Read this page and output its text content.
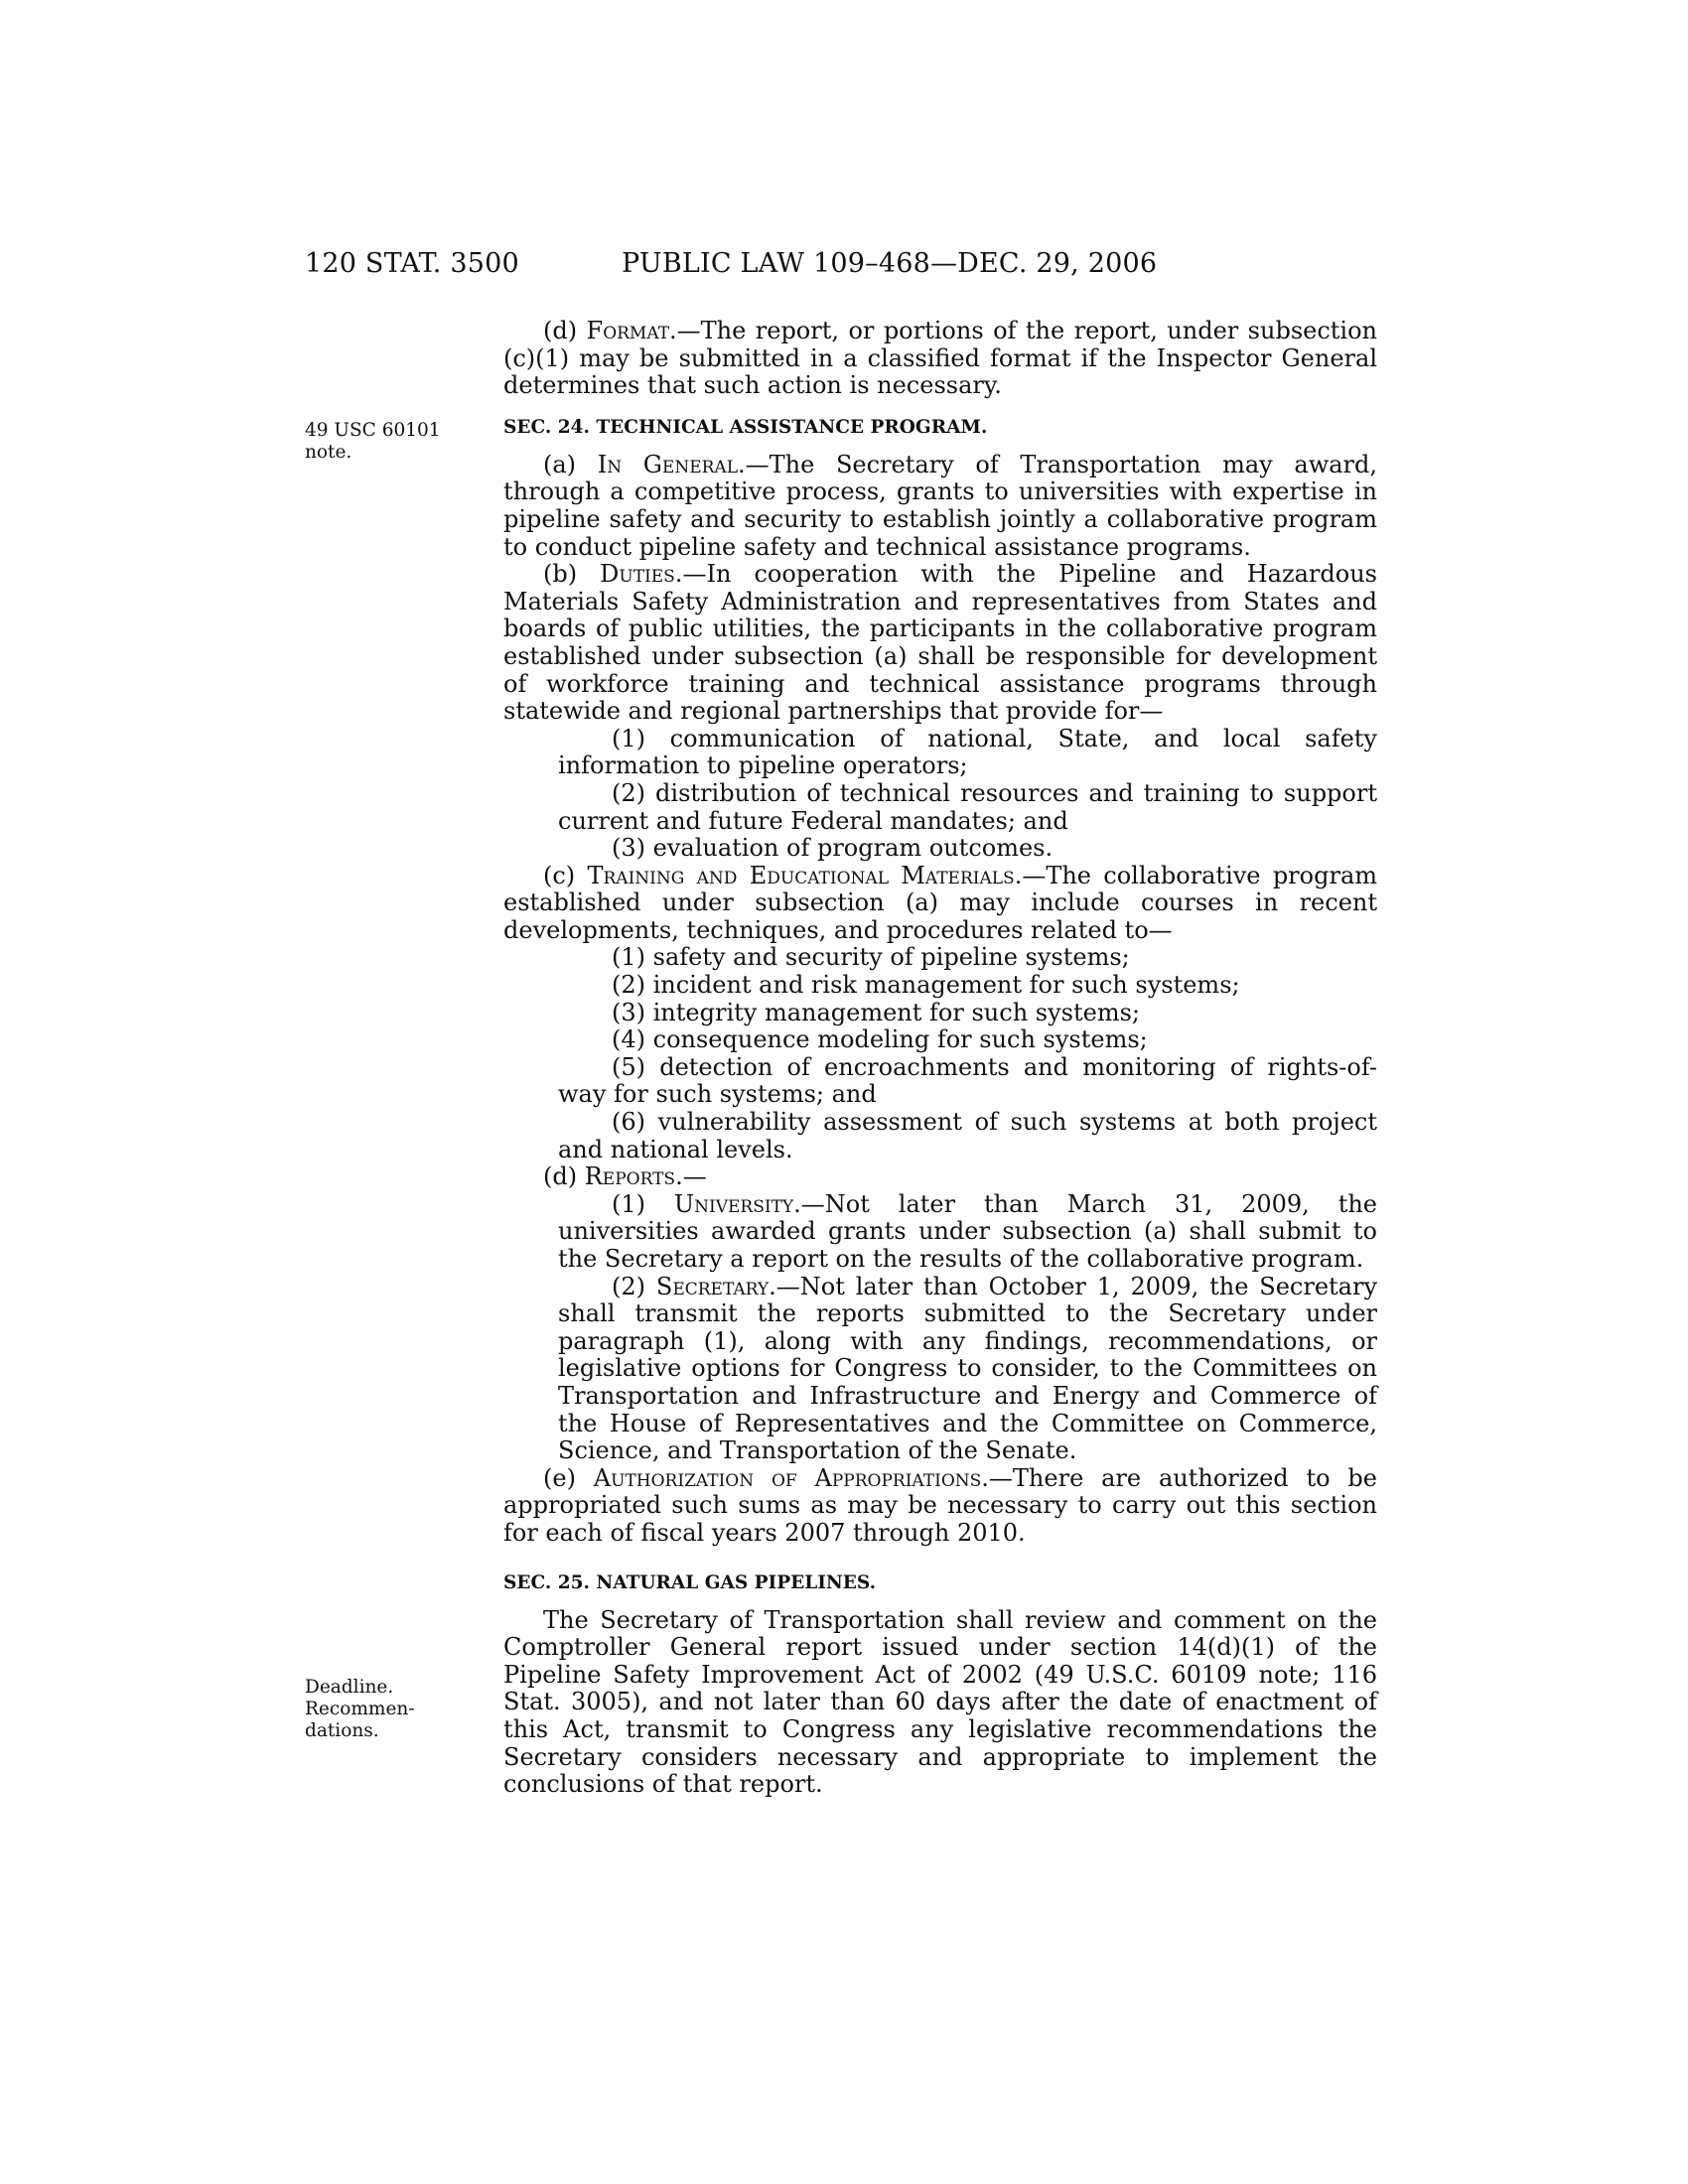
120 STAT. 3500	PUBLIC LAW 109–468—DEC. 29, 2006
49 USC 60101
note.
Deadline.
Recommen-
dations.

(d) Format.—The report, or portions of the report, under subsection (c)(1) may be submitted in a classified format if the Inspector General determines that such action is necessary.

SEC. 24. TECHNICAL ASSISTANCE PROGRAM.

(a) In General.—The Secretary of Transportation may award, through a competitive process, grants to universities with expertise in pipeline safety and security to establish jointly a collaborative program to conduct pipeline safety and technical assistance programs.

(b) Duties.—In cooperation with the Pipeline and Hazardous Materials Safety Administration and representatives from States and boards of public utilities, the participants in the collaborative program established under subsection (a) shall be responsible for development of workforce training and technical assistance programs through statewide and regional partnerships that provide for—

(1) communication of national, State, and local safety information to pipeline operators;

(2) distribution of technical resources and training to support current and future Federal mandates; and

(3) evaluation of program outcomes.

(c) Training and Educational Materials.—The collaborative program established under subsection (a) may include courses in recent developments, techniques, and procedures related to—

(1) safety and security of pipeline systems;

(2) incident and risk management for such systems;

(3) integrity management for such systems;

(4) consequence modeling for such systems;

(5) detection of encroachments and monitoring of rights-of-way for such systems; and

(6) vulnerability assessment of such systems at both project and national levels.

(d) Reports.—

(1) University.—Not later than March 31, 2009, the universities awarded grants under subsection (a) shall submit to the Secretary a report on the results of the collaborative program.

(2) Secretary.—Not later than October 1, 2009, the Secretary shall transmit the reports submitted to the Secretary under paragraph (1), along with any findings, recommendations, or legislative options for Congress to consider, to the Committees on Transportation and Infrastructure and Energy and Commerce of the House of Representatives and the Committee on Commerce, Science, and Transportation of the Senate.

(e) Authorization of Appropriations.—There are authorized to be appropriated such sums as may be necessary to carry out this section for each of fiscal years 2007 through 2010.

SEC. 25. NATURAL GAS PIPELINES.

The Secretary of Transportation shall review and comment on the Comptroller General report issued under section 14(d)(1) of the Pipeline Safety Improvement Act of 2002 (49 U.S.C. 60109 note; 116 Stat. 3005), and not later than 60 days after the date of enactment of this Act, transmit to Congress any legislative recommendations the Secretary considers necessary and appropriate to implement the conclusions of that report.
